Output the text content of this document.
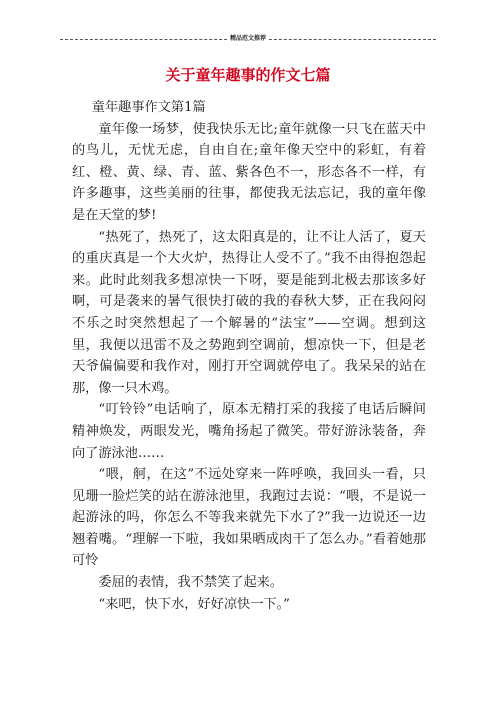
精品范文推荐
关于童年趣事的作文七篇

童年趣事作文第1篇

童年像一场梦，使我快乐无比;童年就像一只飞在蓝天中的鸟儿，无忧无虑，自由自在;童年像天空中的彩虹，有着红、橙、黄、绿、青、蓝、紫各色不一，形态各不一样，有许多趣事，这些美丽的往事，都使我无法忘记，我的童年像是在天堂的梦!

“热死了，热死了，这太阳真是的，让不让人活了，夏天的重庆真是一个大火炉，热得让人受不了。”我不由得抱怨起来。此时此刻我多想凉快一下呀，要是能到北极去那该多好啊，可是袭来的暑气很快打破的我的春秋大梦，正在我闷闷不乐之时突然想起了一个解暑的“法宝”——空调。想到这里，我便以迅雷不及之势跑到空调前，想凉快一下，但是老天爷偏偏要和我作对，刚打开空调就停电了。我呆呆的站在那，像一只木鸡。

“叮铃铃”电话响了，原本无精打采的我接了电话后瞬间精神焕发，两眼发光，嘴角扬起了微笑。带好游泳装备，奔向了游泳池……

“喂，舸，在这”不远处穿来一阵呼唤，我回头一看，只见珊一脸烂笑的站在游泳池里，我跑过去说：“喂，不是说一起游泳的吗，你怎么不等我来就先下水了?”我一边说还一边翘着嘴。“理解一下啦，我如果晒成肉干了怎么办。”看着她那可怜

委屈的表情，我不禁笑了起来。

“来吧，快下水，好好凉快一下。”
